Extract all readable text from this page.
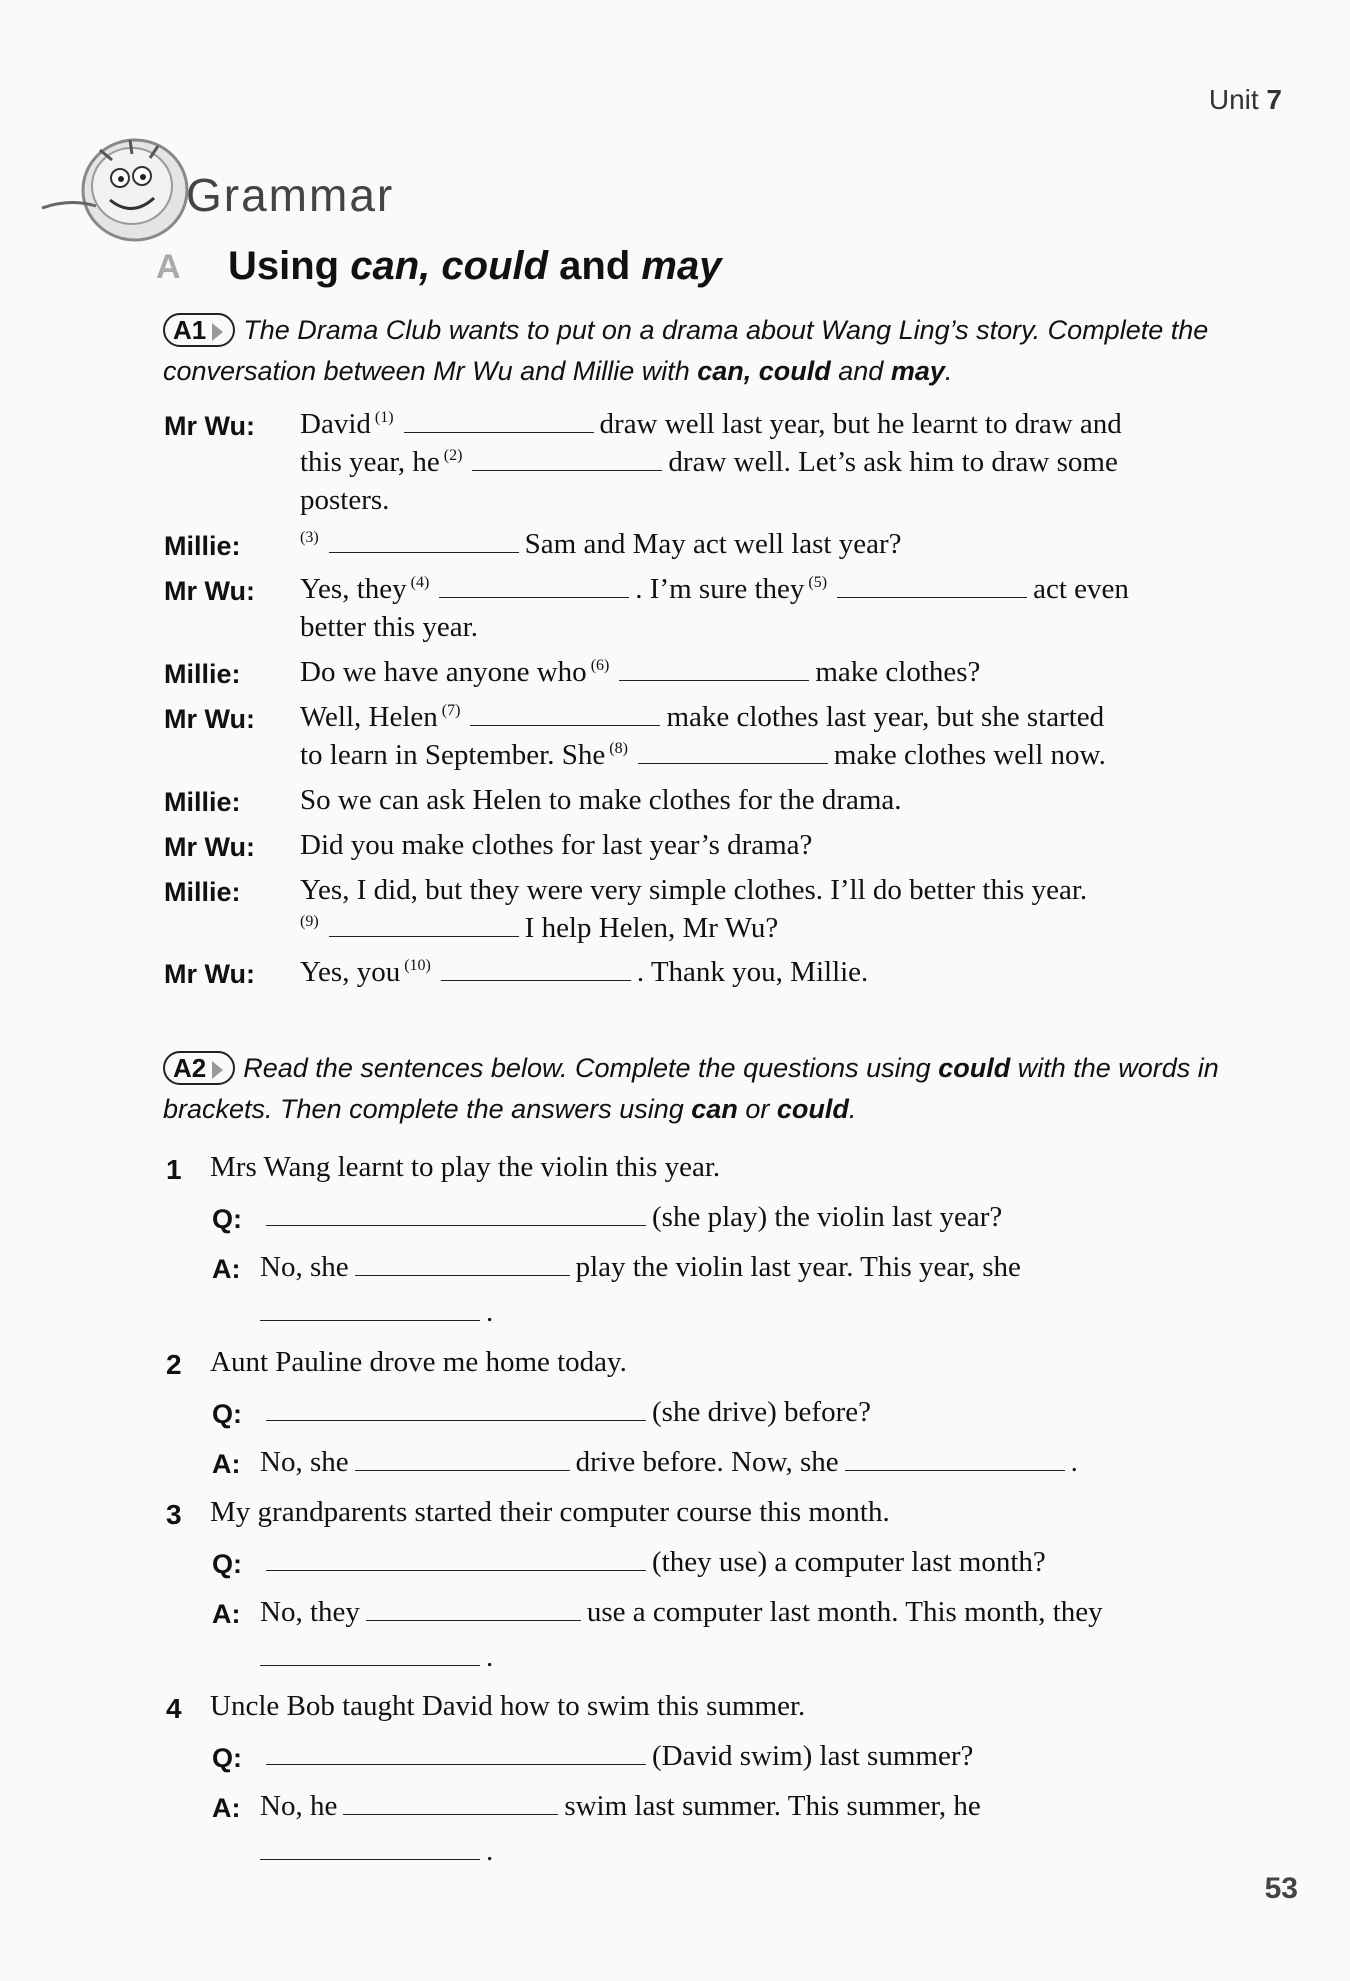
Unit 7
Grammar
A Using can, could and may
A1 The Drama Club wants to put on a drama about Wang Ling’s story. Complete the
conversation between Mr Wu and Millie with can, could and may.
Mr Wu: David $^{(1)}$	draw well last year, but he learnt to draw and
this year, he $^{(2)}$	draw well. Let’s ask him to draw some
posters.
Millie:	$^{(3)}$	Sam and May act well last year?
Mr Wu: Yes, they $^{(4)}$	. I’m sure they $^{(5)}$	act even
better this year.
Millie: Do we have anyone who $^{(6)}$	make clothes?
Mr Wu: Well, Helen $^{(7)}$	make clothes last year, but she started
to learn in September. She $^{(8)}$	make clothes well now.
Millie: So we can ask Helen to make clothes for the drama.
Mr Wu: Did you make clothes for last year’s drama?
Millie: Yes, I did, but they were very simple clothes. I’ll do better this year.
$^{(9)}$	I help Helen, Mr Wu?
Mr Wu: Yes, you $^{(10)}$	. Thank you, Millie.
A2 Read the sentences below. Complete the questions using could with the words in
brackets. Then complete the answers using can or could.
1 Mrs Wang learnt to play the violin this year.
Q:	(she play) the violin last year?
A: No, she	play the violin last year. This year, she
.
2 Aunt Pauline drove me home today.
Q:	(she drive) before?
A: No, she	drive before. Now, she	.
3 My grandparents started their computer course this month.
Q:	(they use) a computer last month?
A: No, they	use a computer last month. This month, they
.
4 Uncle Bob taught David how to swim this summer.
Q:	(David swim) last summer?
A: No, he	swim last summer. This summer, he
.
53
